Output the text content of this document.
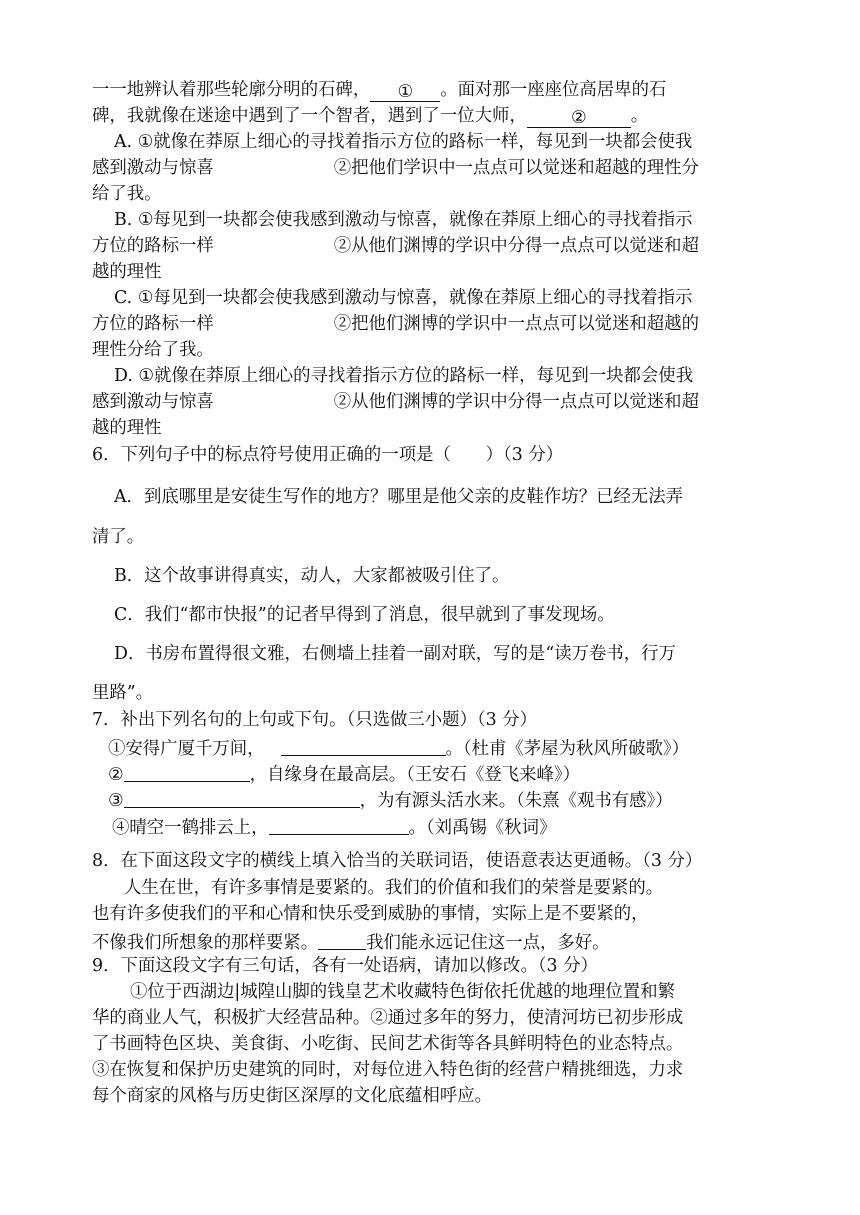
一一地辨认着那些轮廓分明的石碑， ① 。面对那一座座位高居卑的石
碑，我就像在迷途中遇到了一个智者，遇到了一位大师，	②	。
A. ①就像在莽原上细心的寻找着指示方位的路标一样，每见到一块都会使我
感到激动与惊喜	②把他们学识中一点点可以觉迷和超越的理性分
给了我。
B. ①每见到一块都会使我感到激动与惊喜，就像在莽原上细心的寻找着指示
方位的路标一样	②从他们渊博的学识中分得一点点可以觉迷和超
越的理性
C. ①每见到一块都会使我感到激动与惊喜，就像在莽原上细心的寻找着指示
方位的路标一样	②把他们渊博的学识中一点点可以觉迷和超越的
理性分给了我。
D. ①就像在莽原上细心的寻找着指示方位的路标一样，每见到一块都会使我
感到激动与惊喜	②从他们渊博的学识中分得一点点可以觉迷和超
越的理性
6．下列句子中的标点符号使用正确的一项是（　　）（3 分）
A．到底哪里是安徒生写作的地方？哪里是他父亲的皮鞋作坊？已经无法弄
清了。
B．这个故事讲得真实，动人，大家都被吸引住了。
C．我们“都市快报”的记者早得到了消息，很早就到了事发现场。
D．书房布置得很文雅，右侧墙上挂着一副对联，写的是“读万卷书，行万
里路”。
7．补出下列名句的上句或下句。（只选做三小题）（3 分）
①安得广厦千万间，	。（杜甫《茅屋为秋风所破歌》）
②	，自缘身在最高层。（王安石《登飞来峰》）
③	，为有源头活水来。（朱熹《观书有感》）
④晴空一鹤排云上，	。（刘禹锡《秋词》
8．在下面这段文字的横线上填入恰当的关联词语，使语意表达更通畅。（3 分）
人生在世，有许多事情是要紧的。我们的价值和我们的荣誉是要紧的。
也有许多使我们的平和心情和快乐受到威胁的事情，实际上是不要紧的，
不像我们所想象的那样要紧。	我们能永远记住这一点，多好。
9．下面这段文字有三句话，各有一处语病，请加以修改。（3 分）
①位于西湖边|城隍山脚的钱皇艺术收藏特色街依托优越的地理位置和繁
华的商业人气，积极扩大经营品种。②通过多年的努力，使清河坊已初步形成
了书画特色区块、美食街、小吃街、民间艺术街等各具鲜明特色的业态特点。
③在恢复和保护历史建筑的同时，对每位进入特色街的经营户精挑细选，力求
每个商家的风格与历史街区深厚的文化底蕴相呼应。
